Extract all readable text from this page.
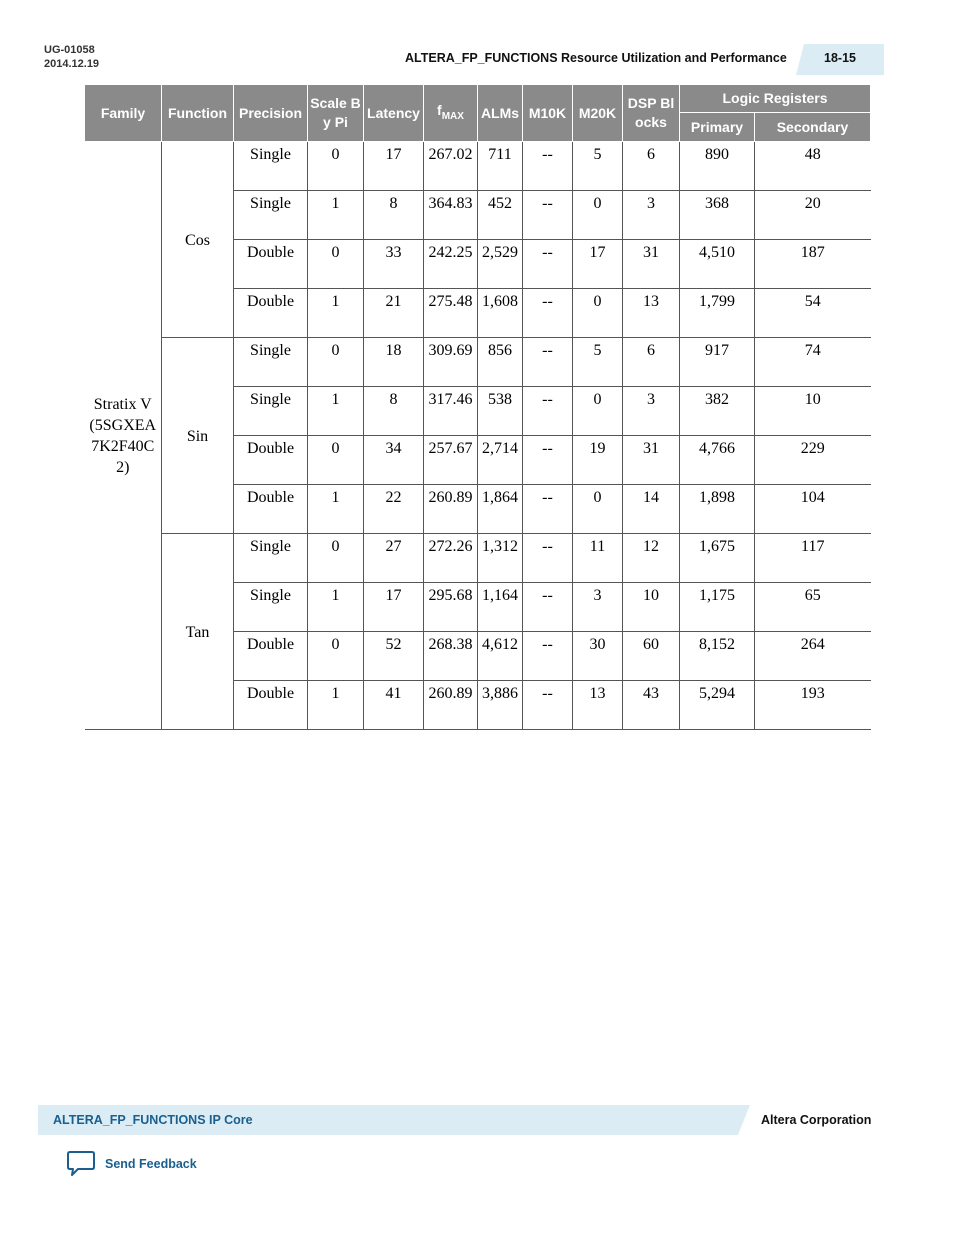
UG-01058
2014.12.19	ALTERA_FP_FUNCTIONS Resource Utilization and Performance	18-15
Family	Function	Precision	Scale By Pi	Latency	$f_{MAX}$	ALMs	M10K	M20K	DSP Blocks	Logic Registers	
										Primary	Secondary
Stratix V (5SGXEA7K2F40C2)	Cos	Single	0	17	267.02	711	--	5	6	890	48
		Single	1	8	364.83	452	--	0	3	368	20
		Double	0	33	242.25	2,529	--	17	31	4,510	187
		Double	1	21	275.48	1,608	--	0	13	1,799	54
	Sin	Single	0	18	309.69	856	--	5	6	917	74
		Single	1	8	317.46	538	--	0	3	382	10
		Double	0	34	257.67	2,714	--	19	31	4,766	229
		Double	1	22	260.89	1,864	--	0	14	1,898	104
	Tan	Single	0	27	272.26	1,312	--	11	12	1,675	117
		Single	1	17	295.68	1,164	--	3	10	1,175	65
		Double	0	52	268.38	4,612	--	30	60	8,152	264
		Double	1	41	260.89	3,886	--	13	43	5,294	193
ALTERA_FP_FUNCTIONS IP Core	Altera Corporation
Send Feedback
